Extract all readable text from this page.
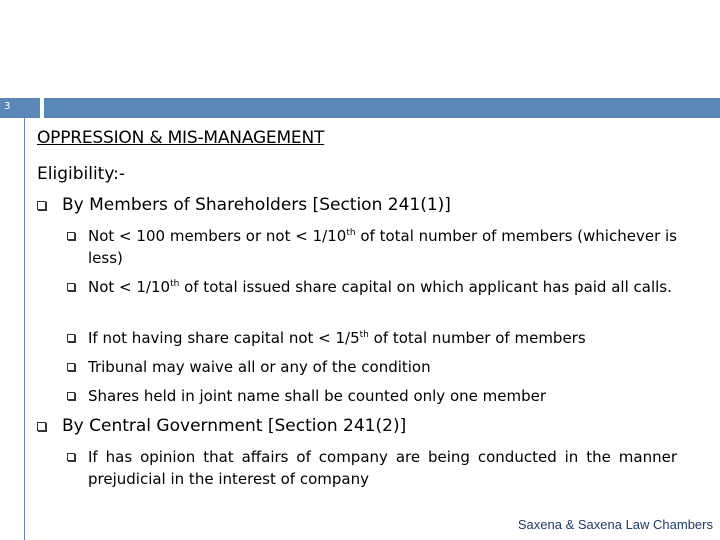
3
OPPRESSION & MIS-MANAGEMENT
Eligibility:-
By Members of Shareholders [Section 241(1)]
Not < 100 members or not < 1/10th of total number of members (whichever is less)
Not < 1/10th of total issued share capital on which applicant has paid all calls.
If not having share capital not < 1/5th of total number of members
Tribunal may waive all or any of the condition
Shares held in joint name shall be counted only one member
By Central Government [Section 241(2)]
If has opinion that affairs of company are being conducted in the manner prejudicial in the interest of company
Saxena & Saxena Law Chambers
